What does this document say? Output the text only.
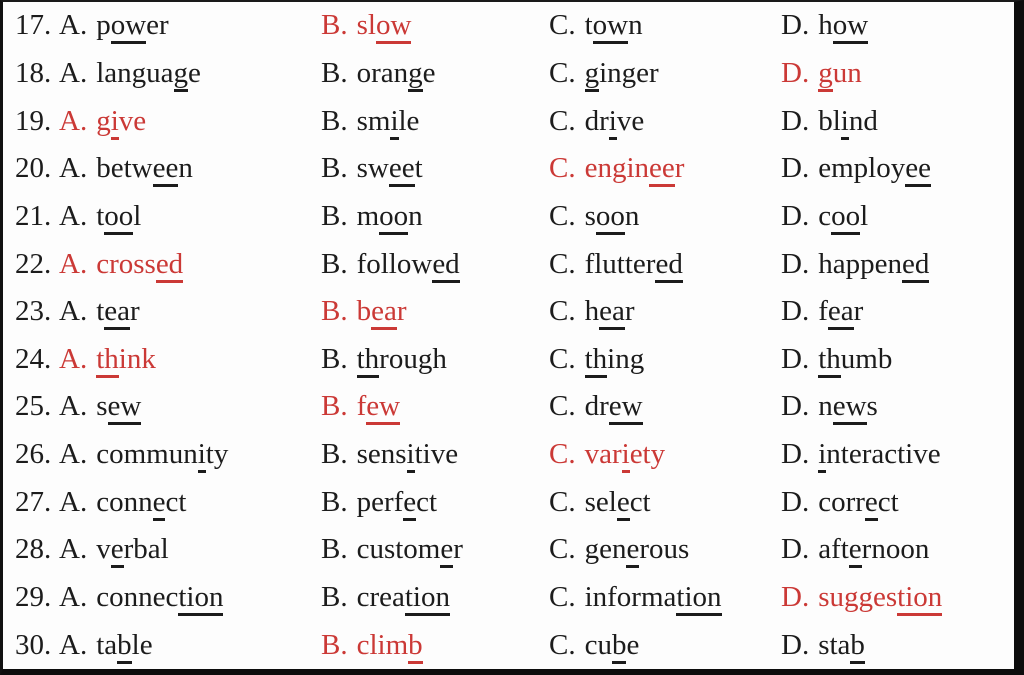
17. A. power	B. slow	C. town	D. how
18. A. language	B. orange	C. ginger	D. gun
19. A. give	B. smile	C. drive	D. blind
20. A. between	B. sweet	C. engineer	D. employee
21. A. tool	B. moon	C. soon	D. cool
22. A. crossed	B. followed	C. fluttered	D. happened
23. A. tear	B. bear	C. hear	D. fear
24. A. think	B. through	C. thing	D. thumb
25. A. sew	B. few	C. drew	D. news
26. A. community	B. sensitive	C. variety	D. interactive
27. A. connect	B. perfect	C. select	D. correct
28. A. verbal	B. customer	C. generous	D. afternoon
29. A. connection	B. creation	C. information	D. suggestion
30. A. table	B. climb	C. cube	D. stab
